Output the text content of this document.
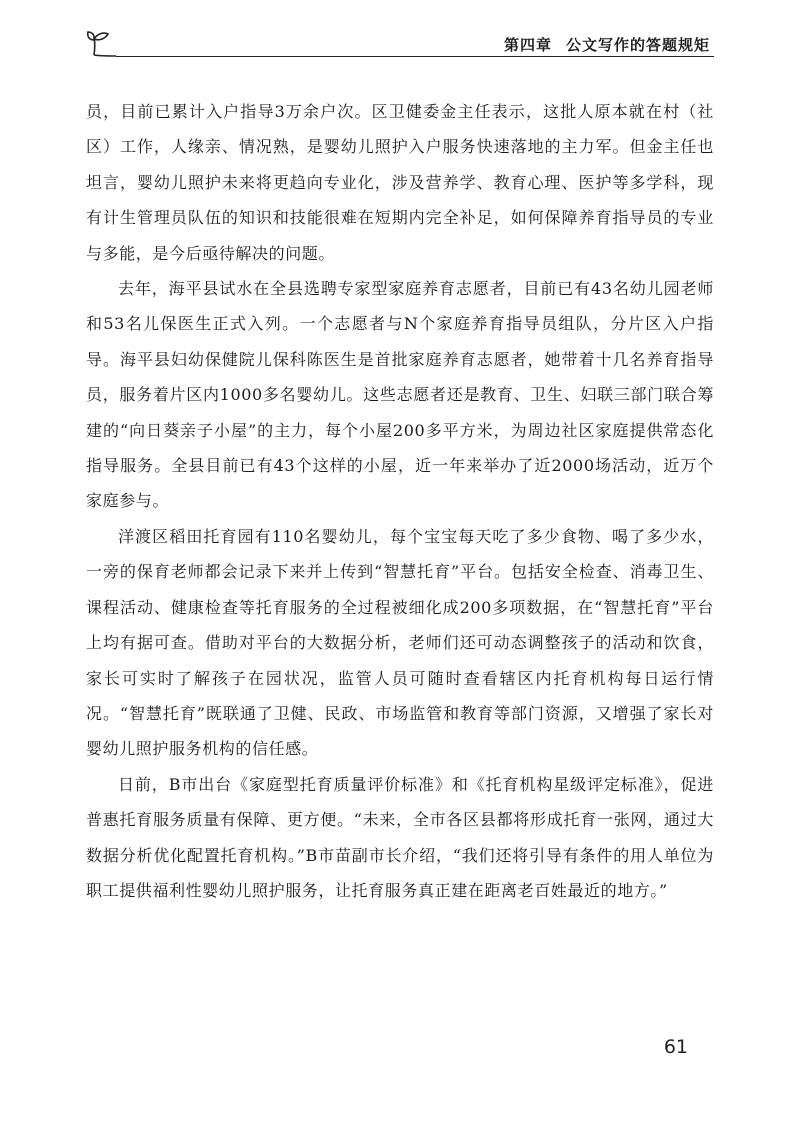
第四章 公文写作的答题规矩

员，目前已累计入户指导3万余户次。区卫健委金主任表示，这批人原本就在村（社区）工作，人缘亲、情况熟，是婴幼儿照护入户服务快速落地的主力军。但金主任也坦言，婴幼儿照护未来将更趋向专业化，涉及营养学、教育心理、医护等多学科，现有计生管理员队伍的知识和技能很难在短期内完全补足，如何保障养育指导员的专业与多能，是今后亟待解决的问题。

去年，海平县试水在全县选聘专家型家庭养育志愿者，目前已有43名幼儿园老师和53名儿保医生正式入列。一个志愿者与N个家庭养育指导员组队，分片区入户指导。海平县妇幼保健院儿保科陈医生是首批家庭养育志愿者，她带着十几名养育指导员，服务着片区内1000多名婴幼儿。这些志愿者还是教育、卫生、妇联三部门联合筹建的“向日葵亲子小屋”的主力，每个小屋200多平方米，为周边社区家庭提供常态化指导服务。全县目前已有43个这样的小屋，近一年来举办了近2000场活动，近万个家庭参与。

洋渡区稻田托育园有110名婴幼儿，每个宝宝每天吃了多少食物、喝了多少水，一旁的保育老师都会记录下来并上传到“智慧托育”平台。包括安全检查、消毒卫生、课程活动、健康检查等托育服务的全过程被细化成200多项数据，在“智慧托育”平台上均有据可查。借助对平台的大数据分析，老师们还可动态调整孩子的活动和饮食，家长可实时了解孩子在园状况，监管人员可随时查看辖区内托育机构每日运行情况。“智慧托育”既联通了卫健、民政、市场监管和教育等部门资源，又增强了家长对婴幼儿照护服务机构的信任感。

日前，B市出台《家庭型托育质量评价标准》和《托育机构星级评定标准》，促进普惠托育服务质量有保障、更方便。“未来，全市各区县都将形成托育一张网，通过大数据分析优化配置托育机构。”B市苗副市长介绍，“我们还将引导有条件的用人单位为职工提供福利性婴幼儿照护服务，让托育服务真正建在距离老百姓最近的地方。”

61
